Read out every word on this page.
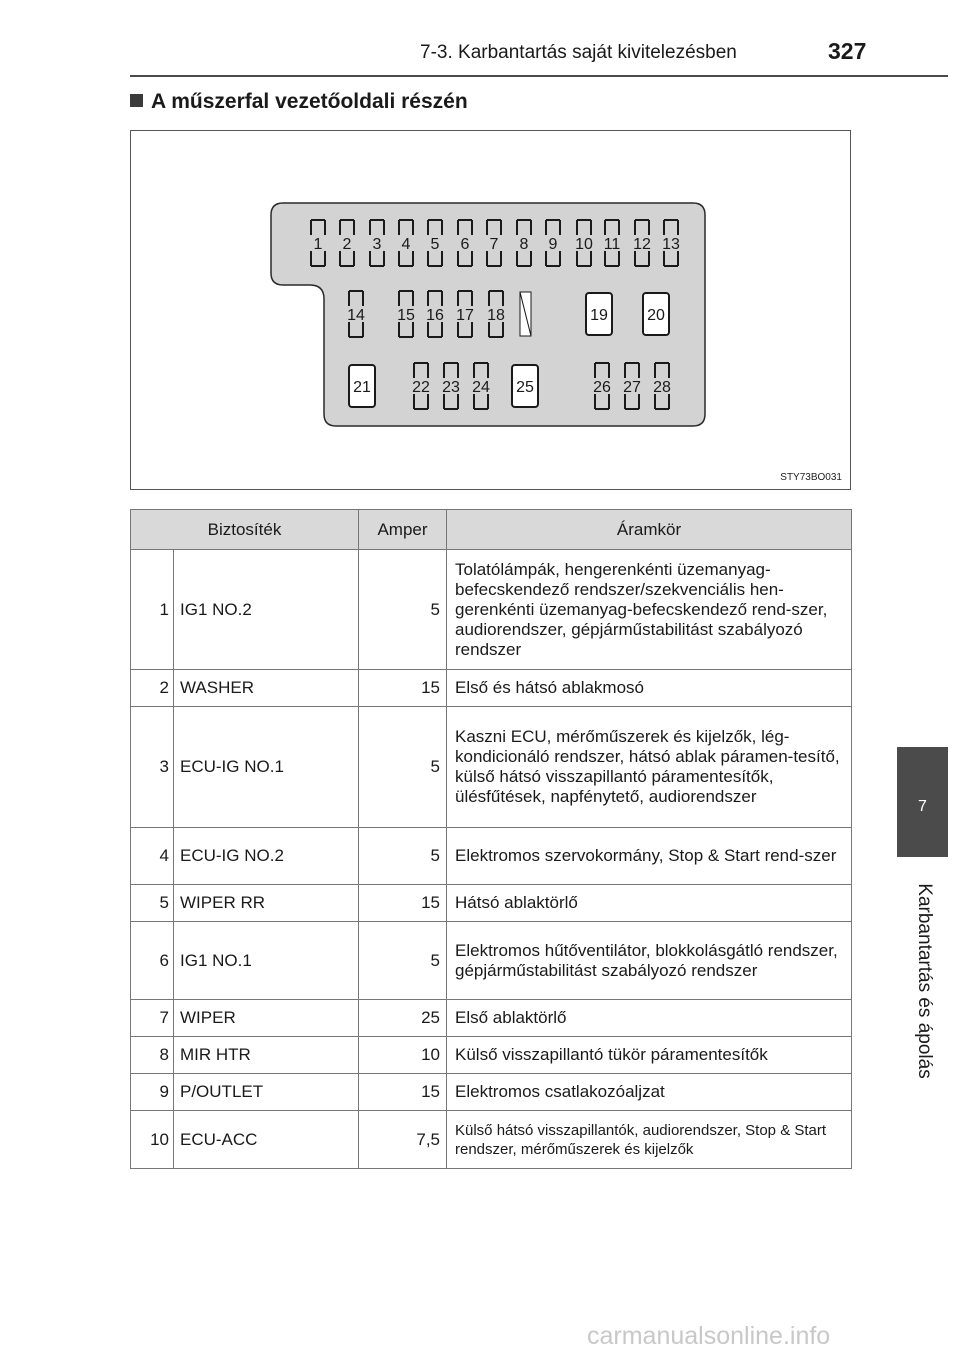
7-3. Karbantartás saját kivitelezésben	327
A műszerfal vezetőoldali részén
1 2 3 4 5 6 7 8 9 10 11 12 13
14 15 16 17 18	19 20
21	25
22 23 24	26 27 28
STY73BO031
Biztosíték		Amper	Áramkör
1	IG1 NO.2	5	Tolatólámpák, hengerenkénti üzemanyag-befecskendező rendszer/szekvenciális hen-gerenkénti üzemanyag-befecskendező rend-szer, audiorendszer, gépjárműstabilitást szabályozó rendszer
2	WASHER	15	Első és hátsó ablakmosó
3	ECU-IG NO.1	5	Kaszni ECU, mérőműszerek és kijelzők, lég-kondicionáló rendszer, hátsó ablak páramen-tesítő, külső hátsó visszapillantó páramentesítők, ülésfűtések, napfénytető, audiorendszer
4	ECU-IG NO.2	5	Elektromos szervokormány, Stop & Start rend-szer
5	WIPER RR	15	Hátsó ablaktörlő
6	IG1 NO.1	5	Elektromos hűtőventilátor, blokkolásgátló rendszer, gépjárműstabilitást szabályozó rendszer
7	WIPER	25	Első ablaktörlő
8	MIR HTR	10	Külső visszapillantó tükör páramentesítők
9	P/OUTLET	15	Elektromos csatlakozóaljzat
10	ECU-ACC	7,5	Külső hátsó visszapillantók, audiorendszer, Stop & Start rendszer, mérőműszerek és kijelzők
7
Karbantartás és ápolás
carmanualsonline.info
